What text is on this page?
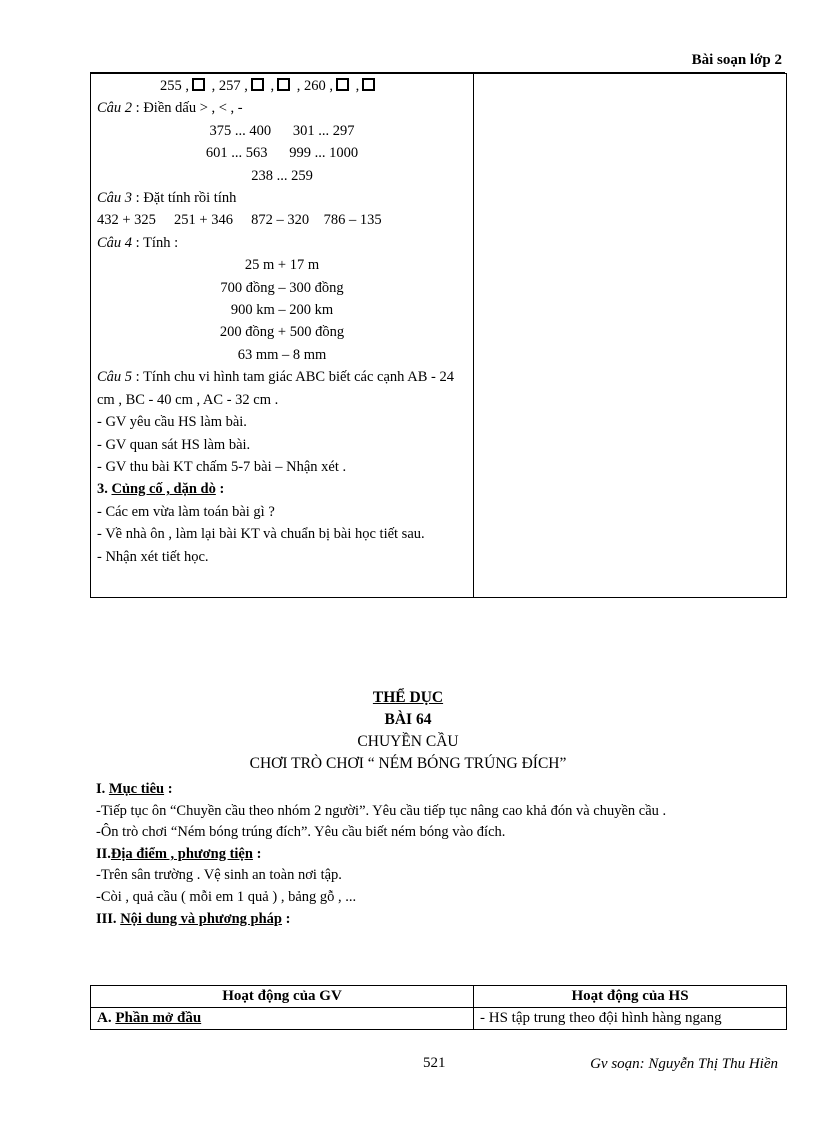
Bài soạn lớp 2
255 , , 257 , , , 260 , ,
Câu 2 : Điền dấu > , < , -
375 ... 400      301 ... 297
601 ... 563      999 ... 1000
238 ... 259
Câu 3 : Đặt tính rồi tính
432 + 325     251 + 346     872 – 320    786 – 135
Câu 4 : Tính :
25 m + 17 m
700 đồng – 300 đồng
900 km – 200 km
200 đồng + 500 đồng
63 mm – 8 mm
Câu 5 : Tính chu vi hình tam giác ABC biết các cạnh AB - 24 cm , BC - 40 cm , AC - 32 cm .
- GV yêu cầu HS làm bài.
- GV quan sát HS làm bài.
- GV thu bài KT chấm 5-7 bài – Nhận xét .
3. Củng cố , dặn dò :
- Các em vừa làm toán bài gì ?
- Về nhà ôn , làm lại bài KT và chuẩn bị bài học tiết sau.
- Nhận xét tiết học.

THỂ DỤC
BÀI 64
CHUYỀN CẦU
CHƠI TRÒ CHƠI “ NÉM BÓNG TRÚNG ĐÍCH”
I. Mục tiêu :
-Tiếp tục ôn “Chuyền cầu theo nhóm 2 người”. Yêu cầu tiếp tục nâng cao khả đón và chuyền cầu .
-Ôn trò chơi “Ném bóng trúng đích”. Yêu cầu biết ném bóng vào đích.
II.Địa điểm , phương tiện :
-Trên sân trường . Vệ sinh an toàn nơi tập.
-Còi , quả cầu ( mỗi em 1 quả ) , bảng gỗ , ...
III. Nội dung và phương pháp :
Hoạt động của GV	Hoạt động của HS
A. Phần mở đầu	- HS tập trung theo đội hình hàng ngang
521	Gv soạn: Nguyễn Thị Thu Hiền
